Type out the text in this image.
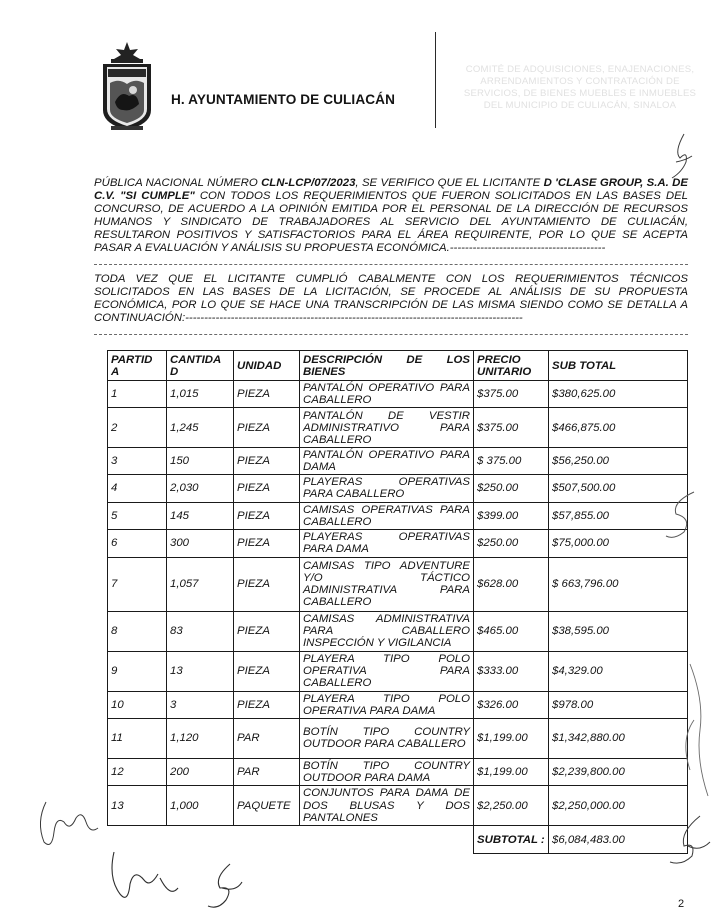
H. AYUNTAMIENTO DE CULIACÁN
COMITÉ DE ADQUISICIONES, ENAJENACIONES,
ARRENDAMIENTOS Y CONTRATACIÓN DE
SERVICIOS, DE BIENES MUEBLES E INMUEBLES
DEL MUNICIPIO DE CULIACÁN, SINALOA
PÚBLICA NACIONAL NÚMERO CLN-LCP/07/2023, SE VERIFICO QUE EL LICITANTE D 'CLASE GROUP, S.A. DE C.V. "SI CUMPLE" CON TODOS LOS REQUERIMIENTOS QUE FUERON SOLICITADOS EN LAS BASES DEL CONCURSO, DE ACUERDO A LA OPINIÓN EMITIDA POR EL PERSONAL DE LA DIRECCIÓN DE RECURSOS HUMANOS Y SINDICATO DE TRABAJADORES AL SERVICIO DEL AYUNTAMIENTO DE CULIACÁN, RESULTARON POSITIVOS Y SATISFACTORIOS PARA EL ÁREA REQUIRENTE, POR LO QUE SE ACEPTA PASAR A EVALUACIÓN Y ANÁLISIS SU PROPUESTA ECONÓMICA.-----------------------------------------
TODA VEZ QUE EL LICITANTE CUMPLIÓ CABALMENTE CON LOS REQUERIMIENTOS TÉCNICOS SOLICITADOS EN LAS BASES DE LA LICITACIÓN, SE PROCEDE AL ANÁLISIS DE SU PROPUESTA ECONÓMICA, POR LO QUE SE HACE UNA TRANSCRIPCIÓN DE LAS MISMA SIENDO COMO SE DETALLA A CONTINUACIÓN:-----------------------------------------------------------------------------------------
PARTID A	CANTIDA D	UNIDAD	DESCRIPCIÓN DE LOS BIENES	PRECIO UNITARIO	SUB TOTAL
1	1,015	PIEZA	PANTALÓN OPERATIVO PARA CABALLERO	$375.00	$380,625.00
2	1,245	PIEZA	PANTALÓN DE VESTIR ADMINISTRATIVO PARA CABALLERO	$375.00	$466,875.00
3	150	PIEZA	PANTALÓN OPERATIVO PARA DAMA	$ 375.00	$56,250.00
4	2,030	PIEZA	PLAYERAS OPERATIVAS PARA CABALLERO	$250.00	$507,500.00
5	145	PIEZA	CAMISAS OPERATIVAS PARA CABALLERO	$399.00	$57,855.00
6	300	PIEZA	PLAYERAS OPERATIVAS PARA DAMA	$250.00	$75,000.00
7	1,057	PIEZA	CAMISAS TIPO ADVENTURE Y/O TÁCTICO ADMINISTRATIVA PARA CABALLERO	$628.00	$ 663,796.00
8	83	PIEZA	CAMISAS ADMINISTRATIVA PARA CABALLERO INSPECCIÓN Y VIGILANCIA	$465.00	$38,595.00
9	13	PIEZA	PLAYERA TIPO POLO OPERATIVA PARA CABALLERO	$333.00	$4,329.00
10	3	PIEZA	PLAYERA TIPO POLO OPERATIVA PARA DAMA	$326.00	$978.00
11	1,120	PAR	BOTÍN TIPO COUNTRY OUTDOOR PARA CABALLERO	$1,199.00	$1,342,880.00
12	200	PAR	BOTÍN TIPO COUNTRY OUTDOOR PARA DAMA	$1,199.00	$2,239,800.00
13	1,000	PAQUETE	CONJUNTOS PARA DAMA DE DOS BLUSAS Y DOS PANTALONES	$2,250.00	$2,250,000.00
				SUBTOTAL :	$6,084,483.00
2
